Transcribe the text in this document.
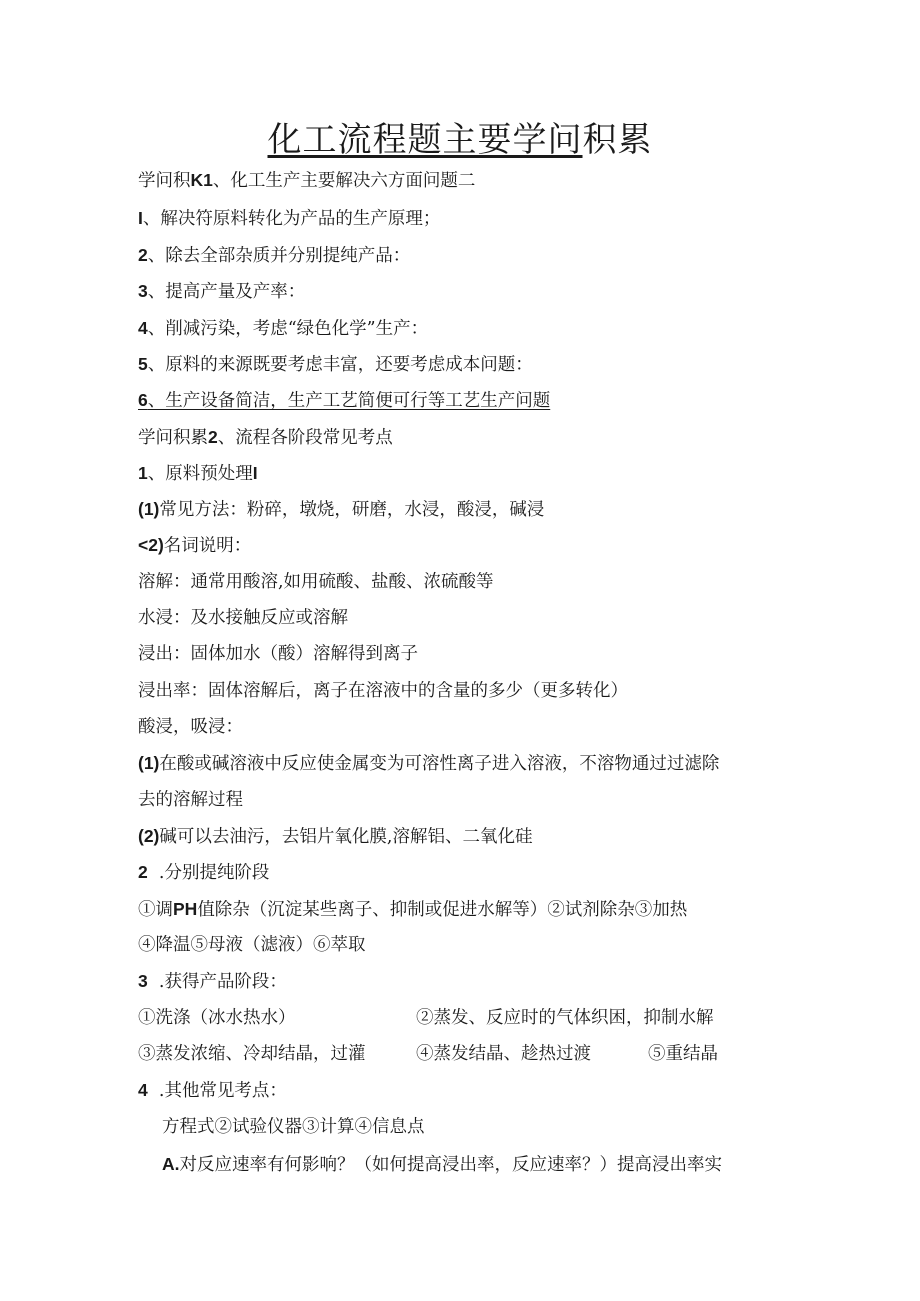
化工流程题主要学问积累
学问积K1、化工生产主要解决六方面问题二
I、解决符原料转化为产品的生产原理；
2、除去全部杂质并分别提纯产品：
3、提高产量及产率：
4、削减污染，考虑“绿色化学”生产：
5、原料的来源既要考虑丰富，还要考虑成本问题：
6、生产设备简洁，生产工艺简便可行等工艺生产问题
学问积累2、流程各阶段常见考点
1、原料预处理I
(1)常见方法：粉碎，墩烧，研磨，水浸，酸浸，碱浸
<2)名词说明：
溶解：通常用酸溶,如用硫酸、盐酸、浓硫酸等
水浸：及水接触反应或溶解
浸出：固体加水（酸）溶解得到离子
浸出率：固体溶解后，离子在溶液中的含量的多少（更多转化）
酸浸，吸浸：
(1)在酸或碱溶液中反应使金属变为可溶性离子进入溶液，不溶物通过过滤除
去的溶解过程
(2)碱可以去油污，去铝片氧化膜,溶解铝、二氧化硅
2 .分别提纯阶段
①调PH值除杂（沉淀某些离子、抑制或促进水解等）②试剂除杂③加热
④降温⑤母液（滤液）⑥萃取
3 .获得产品阶段：
①洗涤（冰水热水）	②蒸发、反应时的气体织困，抑制水解
③蒸发浓缩、冷却结晶，过灌	④蒸发结晶、趁热过渡	⑤重结晶
4 .其他常见考点：
方程式②试验仪器③计算④信息点
A.对反应速率有何影响？（如何提高浸出率，反应速率？）提高浸出率实
